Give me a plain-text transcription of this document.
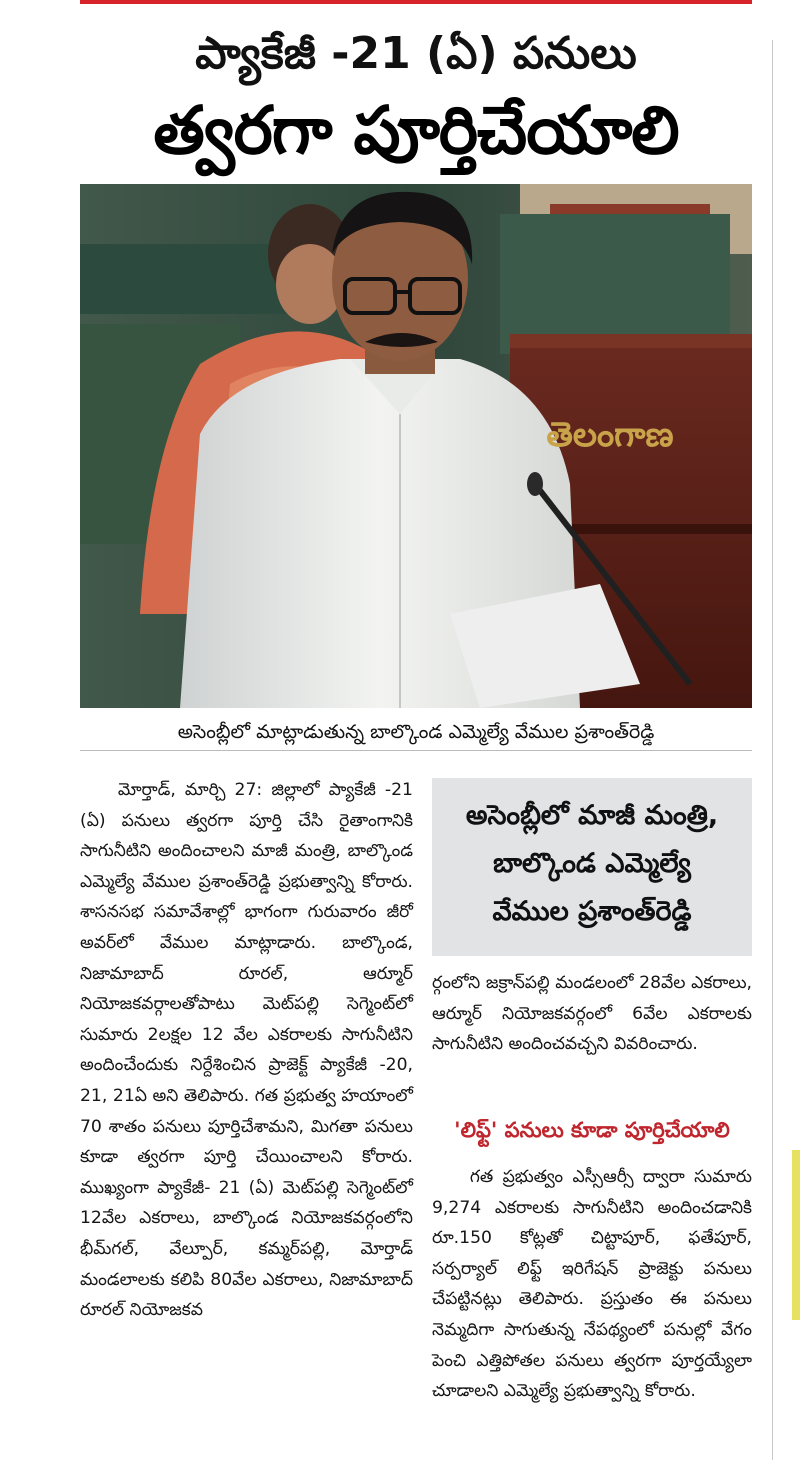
ప్యాకేజీ -21 (ఏ) పనులు
త్వరగా పూర్తిచేయాలి
తెలంగాణ
అసెంబ్లీలో మాట్లాడుతున్న బాల్కొండ ఎమ్మెల్యే వేముల ప్రశాంత్‌రెడ్డి

మోర్తాడ్, మార్చి 27: జిల్లాలో ప్యాకేజీ -21 (ఏ) పనులు త్వరగా పూర్తి చేసి రైతాంగానికి సాగునీటిని అందించాలని మాజీ మంత్రి, బాల్కొండ ఎమ్మెల్యే వేముల ప్రశాంత్‌రెడ్డి ప్రభుత్వాన్ని కోరారు. శాసనసభ సమావేశాల్లో భాగంగా గురువారం జీరో అవర్‌లో వేముల మాట్లాడారు. బాల్కొండ, నిజామాబాద్ రూరల్, ఆర్మూర్ నియోజకవర్గాలతోపాటు మెట్‌పల్లి సెగ్మెంట్‌లో సుమారు 2లక్షల 12 వేల ఎకరాలకు సాగునీటిని అందించేందుకు నిర్దేశించిన ప్రాజెక్ట్ ప్యాకేజీ -20, 21, 21ఏ అని తెలిపారు. గత ప్రభుత్వ హయాంలో 70 శాతం పనులు పూర్తిచేశామని, మిగతా పనులు కూడా త్వరగా పూర్తి చేయించాలని కోరారు. ముఖ్యంగా ప్యాకేజీ- 21 (ఏ) మెట్‌పల్లి సెగ్మెంట్‌లో 12వేల ఎకరాలు, బాల్కొండ నియోజకవర్గంలోని భీమ్‌గల్, వేల్పూర్, కమ్మర్‌పల్లి, మోర్తాడ్ మండలాలకు కలిపి 80వేల ఎకరాలు, నిజామాబాద్ రూరల్ నియోజకవ

అసెంబ్లీలో మాజీ మంత్రి,
బాల్కొండ ఎమ్మెల్యే
వేముల ప్రశాంత్‌రెడ్డి

ర్గంలోని జక్రాన్‌పల్లి మండలంలో 28వేల ఎకరాలు, ఆర్మూర్ నియోజకవర్గంలో 6వేల ఎకరాలకు సాగునీటిని అందించవచ్చని వివరించారు.

'లిఫ్ట్' పనులు కూడా పూర్తిచేయాలి

గత ప్రభుత్వం ఎస్సీఆర్సీ ద్వారా సుమారు 9,274 ఎకరాలకు సాగునీటిని అందించడానికి రూ.150 కోట్లతో చిట్టాపూర్, ఫతేపూర్, సర్పర్యాల్ లిఫ్ట్ ఇరిగేషన్ ప్రాజెక్టు పనులు చేపట్టినట్లు తెలిపారు. ప్రస్తుతం ఈ పనులు నెమ్మదిగా సాగుతున్న నేపథ్యంలో పనుల్లో వేగం పెంచి ఎత్తిపోతల పనులు త్వరగా పూర్తయ్యేలా చూడాలని ఎమ్మెల్యే ప్రభుత్వాన్ని కోరారు.
